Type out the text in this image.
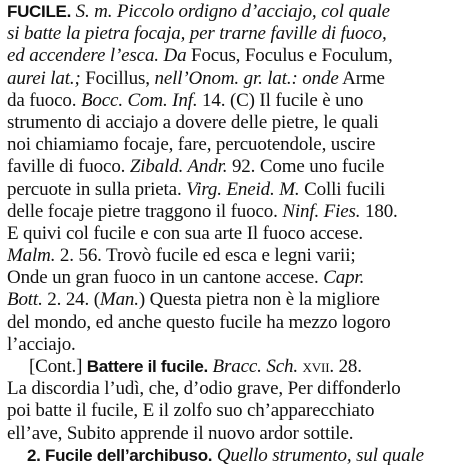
FUCILE. S. m. Piccolo ordigno d’acciajo, col quale
si batte la pietra focaja, per trarne faville di fuoco,
ed accendere l’esca. Da Focus, Foculus e Foculum,
aurei lat.; Focillus, nell’Onom. gr. lat.: onde Arme
da fuoco. Bocc. Com. Inf. 14. (C) Il fucile è uno
strumento di acciajo a dovere delle pietre, le quali
noi chiamiamo focaje, fare, percuotendole, uscire
faville di fuoco. Zibald. Andr. 92. Come uno fucile
percuote in sulla prieta. Virg. Eneid. M. Colli fucili
delle focaje pietre traggono il fuoco. Ninf. Fies. 180.
E quivi col fucile e con sua arte Il fuoco accese.
Malm. 2. 56. Trovò fucile ed esca e legni varii;
Onde un gran fuoco in un cantone accese. Capr.
Bott. 2. 24. (Man.) Questa pietra non è la migliore
del mondo, ed anche questo fucile ha mezzo logoro
l’acciajo.
[Cont.] Battere il fucile. Bracc. Sch. xvii. 28.
La discordia l’udì, che, d’odio grave, Per diffonderlo
poi batte il fucile, E il zolfo suo ch’apparecchiato
ell’ave, Subito apprende il nuovo ardor sottile.
2. Fucile dell’archibuso. Quello strumento, sul quale
